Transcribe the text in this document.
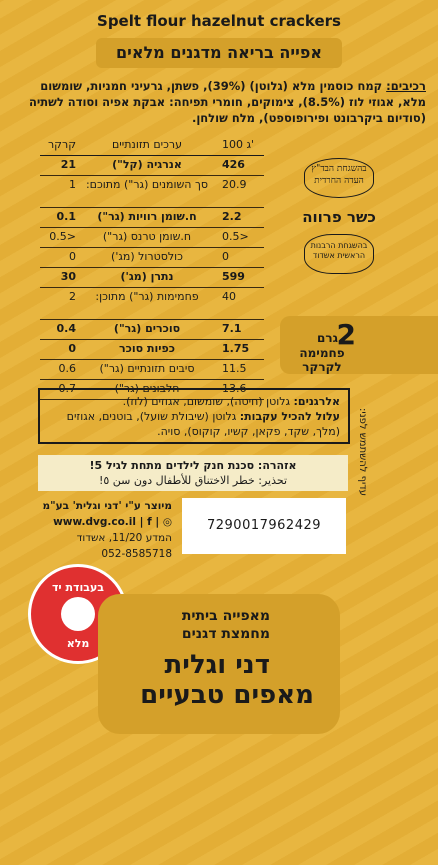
Spelt flour hazelnut crackers
אפייה בריאה מדגנים מלאים
רכיבים: קמח כוסמין מלא (גלוטן) (39%), פשתן, גרעיני חמניות, שומשום מלא, אגוזי לוז (8.5%), צימוקים, חומרי תפיחה: אבקת אפיה וסודה לשתיה (סודיום ביקרבונט ופירופוספט), מלח שולחן.
100 ג'
ערכים תזונתיים
קרקר
426
אנרגיה (קל")
21
20.9
סך השומנים (גר") מתוכם:
1
2.2
ח.שומן רוויות (גר")
0.1
0.5>
ח.שומן טרנס (גר")
0.5>
0
כולסטרול (מג')
0
599
נתרן (מג')
30
40
פחמימות (גר") מתוכן:
2
7.1
סוכרים (גר")
0.4
1.75
כפיות סוכר
0
11.5
סיבים תזונתיים (גר")
0.6
13.6
חלבונים (גר")
0.7
בהשגחת הבד"ץ העדה החרדית
כשר פרווה
בהשגחת הרבנות הראשית אשדוד
2
גרם
פחמימה לקרקר
אלרגנים: גלוטן (חיטה), שומשום, אגוזים (לוז).
עלול להכיל עקבות: גלוטן (שיבולת שועל), בוטנים, אגוזים (מלך, שקד, פקאן, קשיו, קוקוס), סויה.	עדיף להשתמש לפני:
אזהרה: סכנת חנק לילדים מתחת לגיל 5!
تحذير: خطر الاختناق للأطفال دون سن ٥!
מיוצר ע"י 'דני וגלית' בע"מ
www.dvg.co.il | f | ◎
המדע 11/20, אשדוד
052-8585718
7290017962429
בעבודת יד
מלא
מאפייה ביתית
מחמצת דגנים
דני וגלית
מאפים טבעיים
